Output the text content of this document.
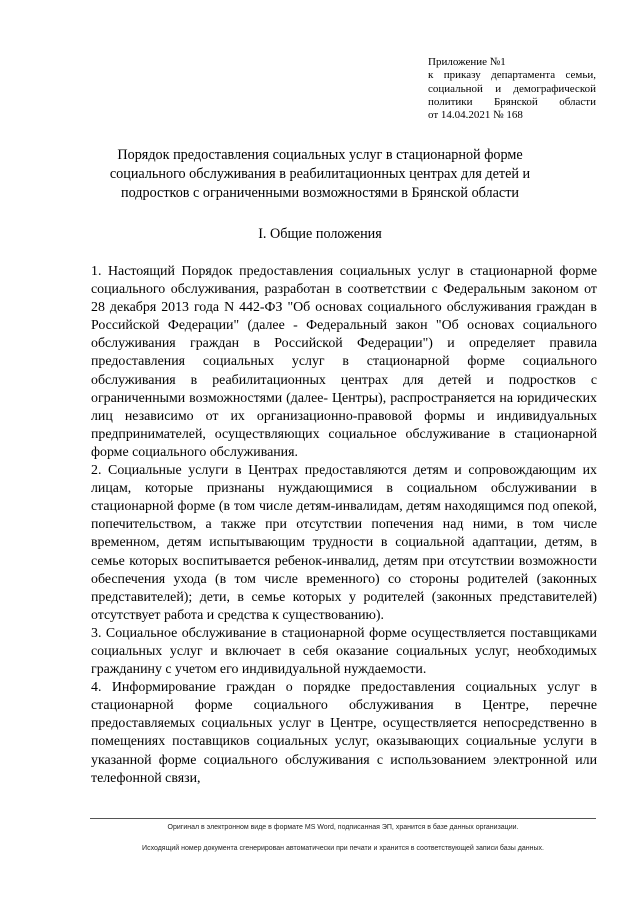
Приложение №1
к приказу департамента семьи, социальной и демографической политики Брянской области
от 14.04.2021 № 168
Порядок предоставления социальных услуг в стационарной форме социального обслуживания в реабилитационных центрах для детей и подростков с ограниченными возможностями в Брянской области
I. Общие положения

1. Настоящий Порядок предоставления социальных услуг в стационарной форме социального обслуживания, разработан в соответствии с Федеральным законом от 28 декабря 2013 года N 442-ФЗ "Об основах социального обслуживания граждан в Российской Федерации" (далее - Федеральный закон "Об основах социального обслуживания граждан в Российской Федерации") и определяет правила предоставления социальных услуг в стационарной форме социального обслуживания в реабилитационных центрах для детей и подростков с ограниченными возможностями (далее- Центры), распространяется на юридических лиц независимо от их организационно-правовой формы и индивидуальных предпринимателей, осуществляющих социальное обслуживание в стационарной форме социального обслуживания.

2. Социальные услуги в Центрах предоставляются детям и сопровождающим их лицам, которые признаны нуждающимися в социальном обслуживании в стационарной форме (в том числе детям-инвалидам, детям находящимся под опекой, попечительством, а также при отсутствии попечения над ними, в том числе временном, детям испытывающим трудности в социальной адаптации, детям, в семье которых воспитывается ребенок-инвалид, детям при отсутствии возможности обеспечения ухода (в том числе временного) со стороны родителей (законных представителей); дети, в семье которых у родителей (законных представителей) отсутствует работа и средства к существованию).

3. Социальное обслуживание в стационарной форме осуществляется поставщиками социальных услуг и включает в себя оказание социальных услуг, необходимых гражданину с учетом его индивидуальной нуждаемости.

4. Информирование граждан о порядке предоставления социальных услуг в стационарной форме социального обслуживания в Центре, перечне предоставляемых социальных услуг в Центре, осуществляется непосредственно в помещениях поставщиков социальных услуг, оказывающих социальные услуги в указанной форме социального обслуживания с использованием электронной или телефонной связи,

Оригинал в электронном виде в формате MS Word, подписанная ЭП, хранится в базе данных организации.
Исходящий номер документа сгенерирован автоматически при печати и хранится в соответствующей записи базы данных.
